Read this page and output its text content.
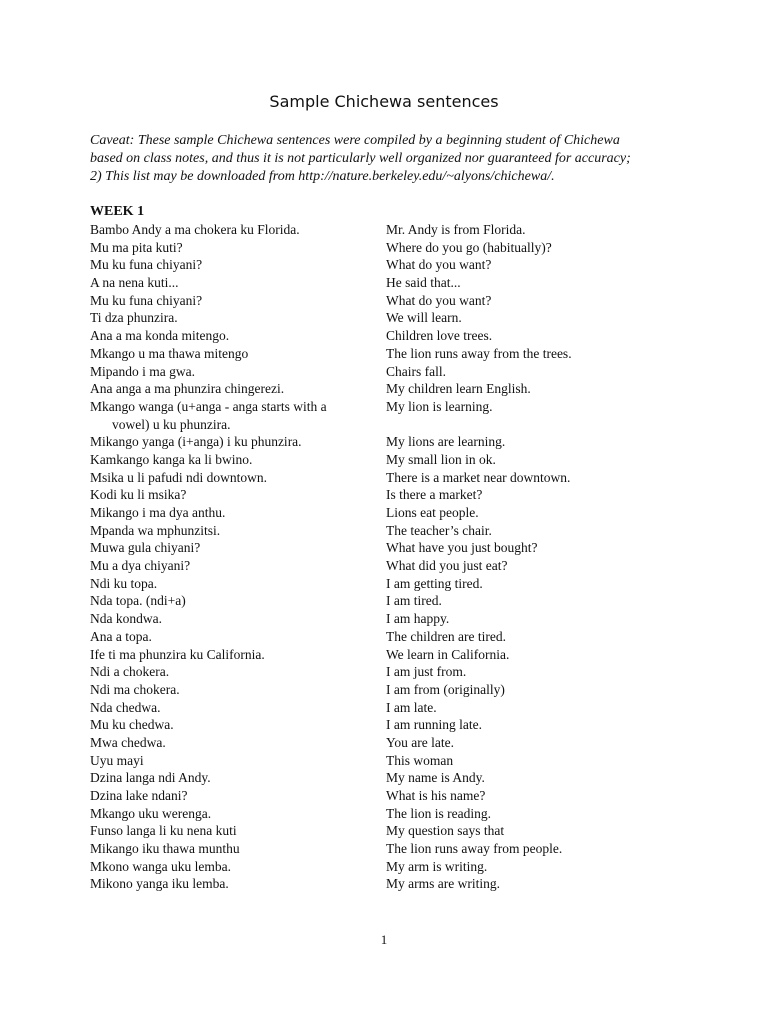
Sample Chichewa sentences

Caveat: These sample Chichewa sentences were compiled by a beginning student of Chichewa
based on class notes, and thus it is not particularly well organized nor guaranteed for accuracy;
2) This list may be downloaded from http://nature.berkeley.edu/~alyons/chichewa/.

WEEK 1
Bambo Andy a ma chokera ku Florida.	Mr. Andy is from Florida.
Mu ma pita kuti?	Where do you go (habitually)?
Mu ku funa chiyani?	What do you want?
A na nena kuti...	He said that...
Mu ku funa chiyani?	What do you want?
Ti dza phunzira.	We will learn.
Ana a ma konda mitengo.	Children love trees.
Mkango u ma thawa mitengo	The lion runs away from the trees.
Mipando i ma gwa.	Chairs fall.
Ana anga a ma phunzira chingerezi.	My children learn English.
Mkango wanga (u+anga - anga starts with a	My lion is learning.
vowel) u ku phunzira.
Mikango yanga (i+anga) i ku phunzira.	My lions are learning.
Kamkango kanga ka li bwino.	My small lion in ok.
Msika u li pafudi ndi downtown.	There is a market near downtown.
Kodi ku li msika?	Is there a market?
Mikango i ma dya anthu.	Lions eat people.
Mpanda wa mphunzitsi.	The teacher’s chair.
Muwa gula chiyani?	What have you just bought?
Mu a dya chiyani?	What did you just eat?
Ndi ku topa.	I am getting tired.
Nda topa. (ndi+a)	I am tired.
Nda kondwa.	I am happy.
Ana a topa.	The children are tired.
Ife ti ma phunzira ku California.	We learn in California.
Ndi a chokera.	I am just from.
Ndi ma chokera.	I am from (originally)
Nda chedwa.	I am late.
Mu ku chedwa.	I am running late.
Mwa chedwa.	You are late.
Uyu mayi	This woman
Dzina langa ndi Andy.	My name is Andy.
Dzina lake ndani?	What is his name?
Mkango uku werenga.	The lion is reading.
Funso langa li ku nena kuti	My question says that
Mikango iku thawa munthu	The lion runs away from people.
Mkono wanga uku lemba.	My arm is writing.
Mikono yanga iku lemba.	My arms are writing.
1
